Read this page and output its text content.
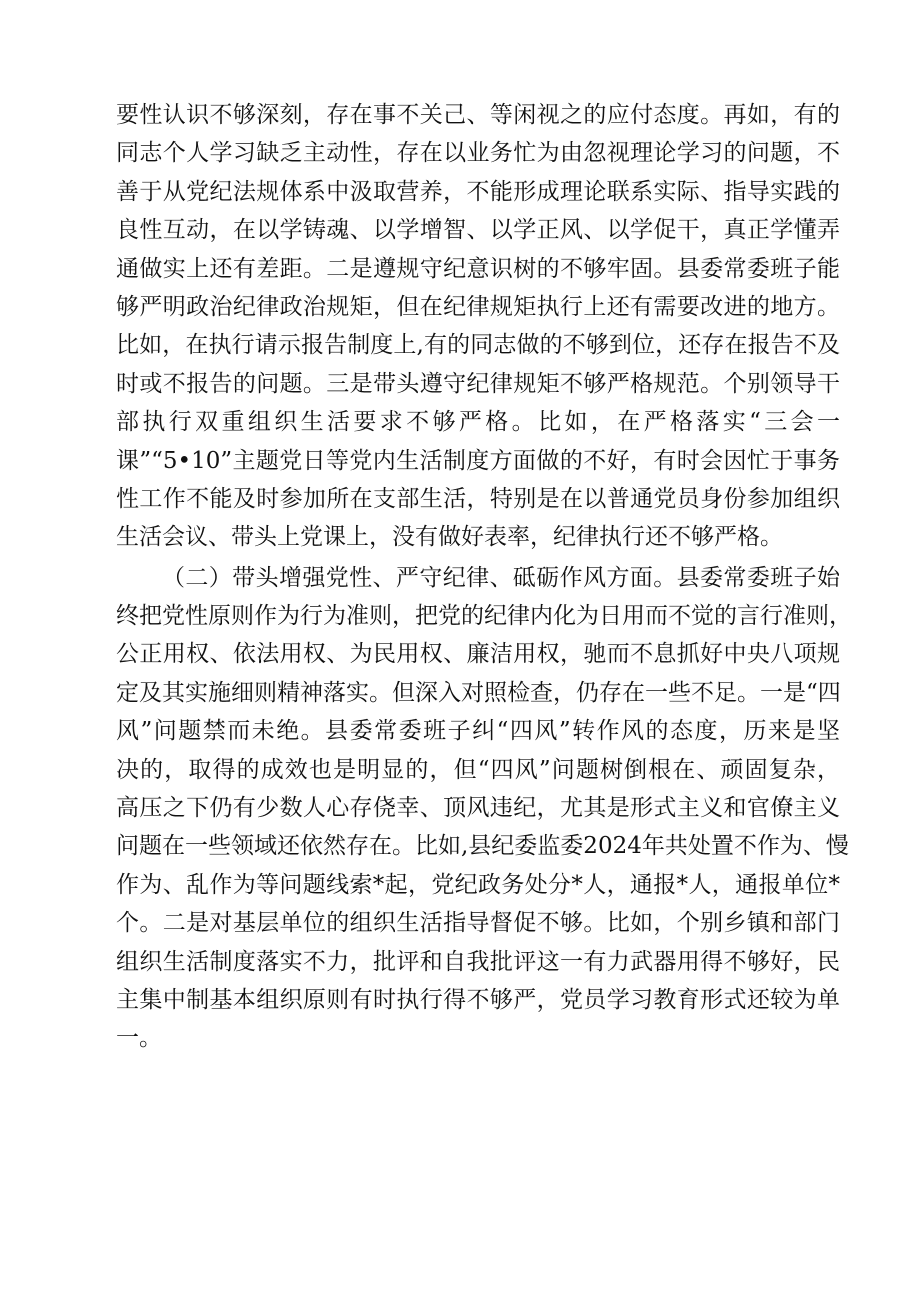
要性认识不够深刻，存在事不关己、等闲视之的应付态度。再如，有的
同志个人学习缺乏主动性，存在以业务忙为由忽视理论学习的问题，不
善于从党纪法规体系中汲取营养，不能形成理论联系实际、指导实践的
良性互动，在以学铸魂、以学增智、以学正风、以学促干，真正学懂弄
通做实上还有差距。二是遵规守纪意识树的不够牢固。县委常委班子能
够严明政治纪律政治规矩，但在纪律规矩执行上还有需要改进的地方。
比如，在执行请示报告制度上,有的同志做的不够到位，还存在报告不及
时或不报告的问题。三是带头遵守纪律规矩不够严格规范。个别领导干
部执行双重组织生活要求不够严格。比如，在严格落实“三会一
课”“5•10”主题党日等党内生活制度方面做的不好，有时会因忙于事务
性工作不能及时参加所在支部生活，特别是在以普通党员身份参加组织
生活会议、带头上党课上，没有做好表率，纪律执行还不够严格。
（二）带头增强党性、严守纪律、砥砺作风方面。县委常委班子始
终把党性原则作为行为准则，把党的纪律内化为日用而不觉的言行准则，
公正用权、依法用权、为民用权、廉洁用权，驰而不息抓好中央八项规
定及其实施细则精神落实。但深入对照检查，仍存在一些不足。一是“四
风”问题禁而未绝。县委常委班子纠“四风”转作风的态度，历来是坚
决的，取得的成效也是明显的，但“四风”问题树倒根在、顽固复杂，
高压之下仍有少数人心存侥幸、顶风违纪，尤其是形式主义和官僚主义
问题在一些领域还依然存在。比如,县纪委监委2024年共处置不作为、慢
作为、乱作为等问题线索*起，党纪政务处分*人，通报*人，通报单位*
个。二是对基层单位的组织生活指导督促不够。比如，个别乡镇和部门
组织生活制度落实不力，批评和自我批评这一有力武器用得不够好，民
主集中制基本组织原则有时执行得不够严，党员学习教育形式还较为单
一。
